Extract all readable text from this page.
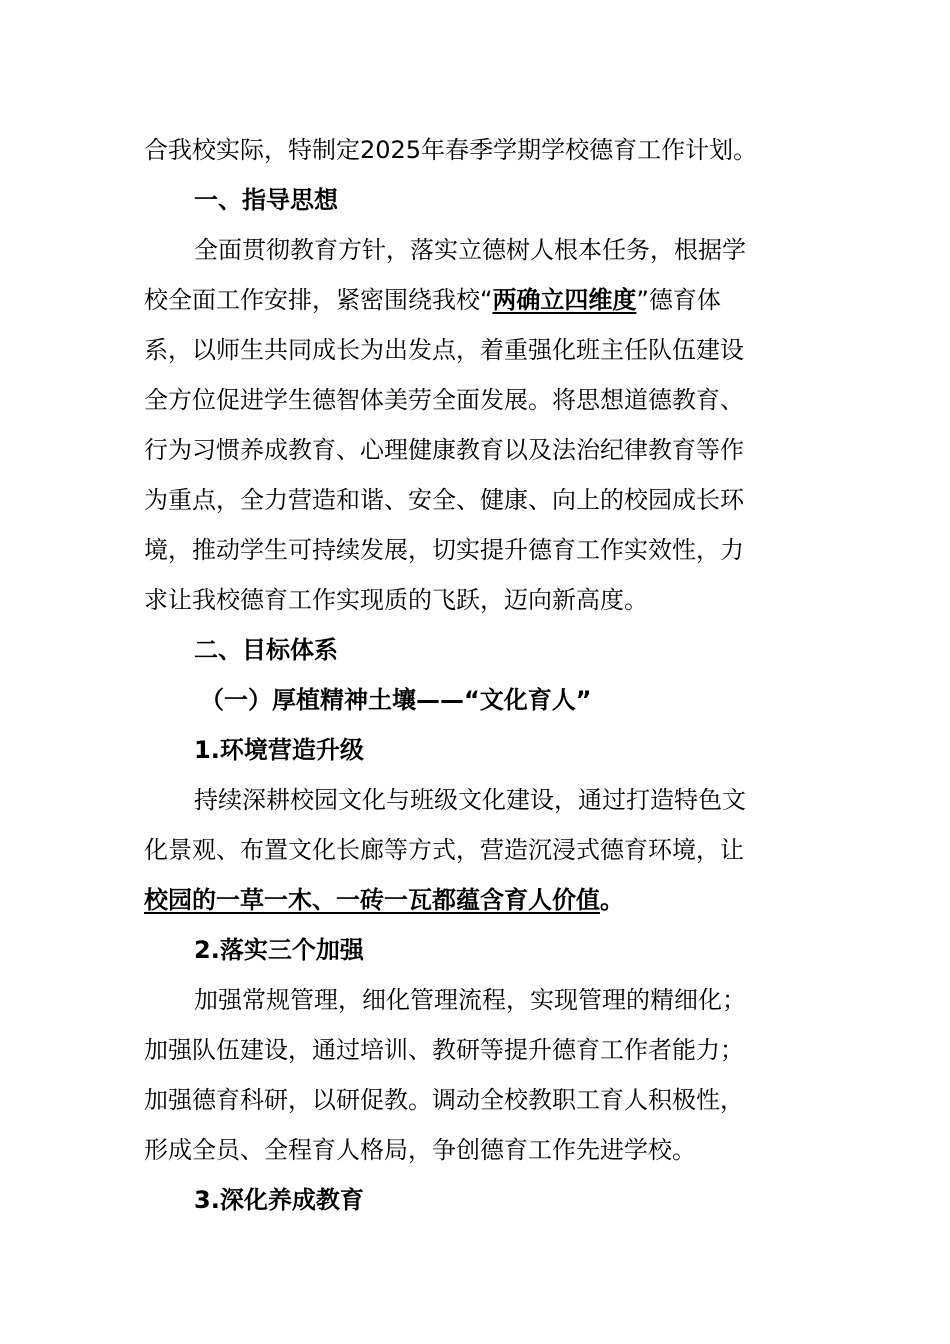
合我校实际，特制定2025年春季学期学校德育工作计划。
一、指导思想
全面贯彻教育方针，落实立德树人根本任务，根据学
校全面工作安排，紧密围绕我校“两确立四维度”德育体
系，以师生共同成长为出发点，着重强化班主任队伍建设
全方位促进学生德智体美劳全面发展。将思想道德教育、
行为习惯养成教育、心理健康教育以及法治纪律教育等作
为重点，全力营造和谐、安全、健康、向上的校园成长环
境，推动学生可持续发展，切实提升德育工作实效性，力
求让我校德育工作实现质的飞跃，迈向新高度。
二、目标体系
（一）厚植精神土壤——“文化育人”
1.环境营造升级
持续深耕校园文化与班级文化建设，通过打造特色文
化景观、布置文化长廊等方式，营造沉浸式德育环境，让
校园的一草一木、一砖一瓦都蕴含育人价值。
2.落实三个加强
加强常规管理，细化管理流程，实现管理的精细化；
加强队伍建设，通过培训、教研等提升德育工作者能力；
加强德育科研，以研促教。调动全校教职工育人积极性，
形成全员、全程育人格局，争创德育工作先进学校。
3.深化养成教育
